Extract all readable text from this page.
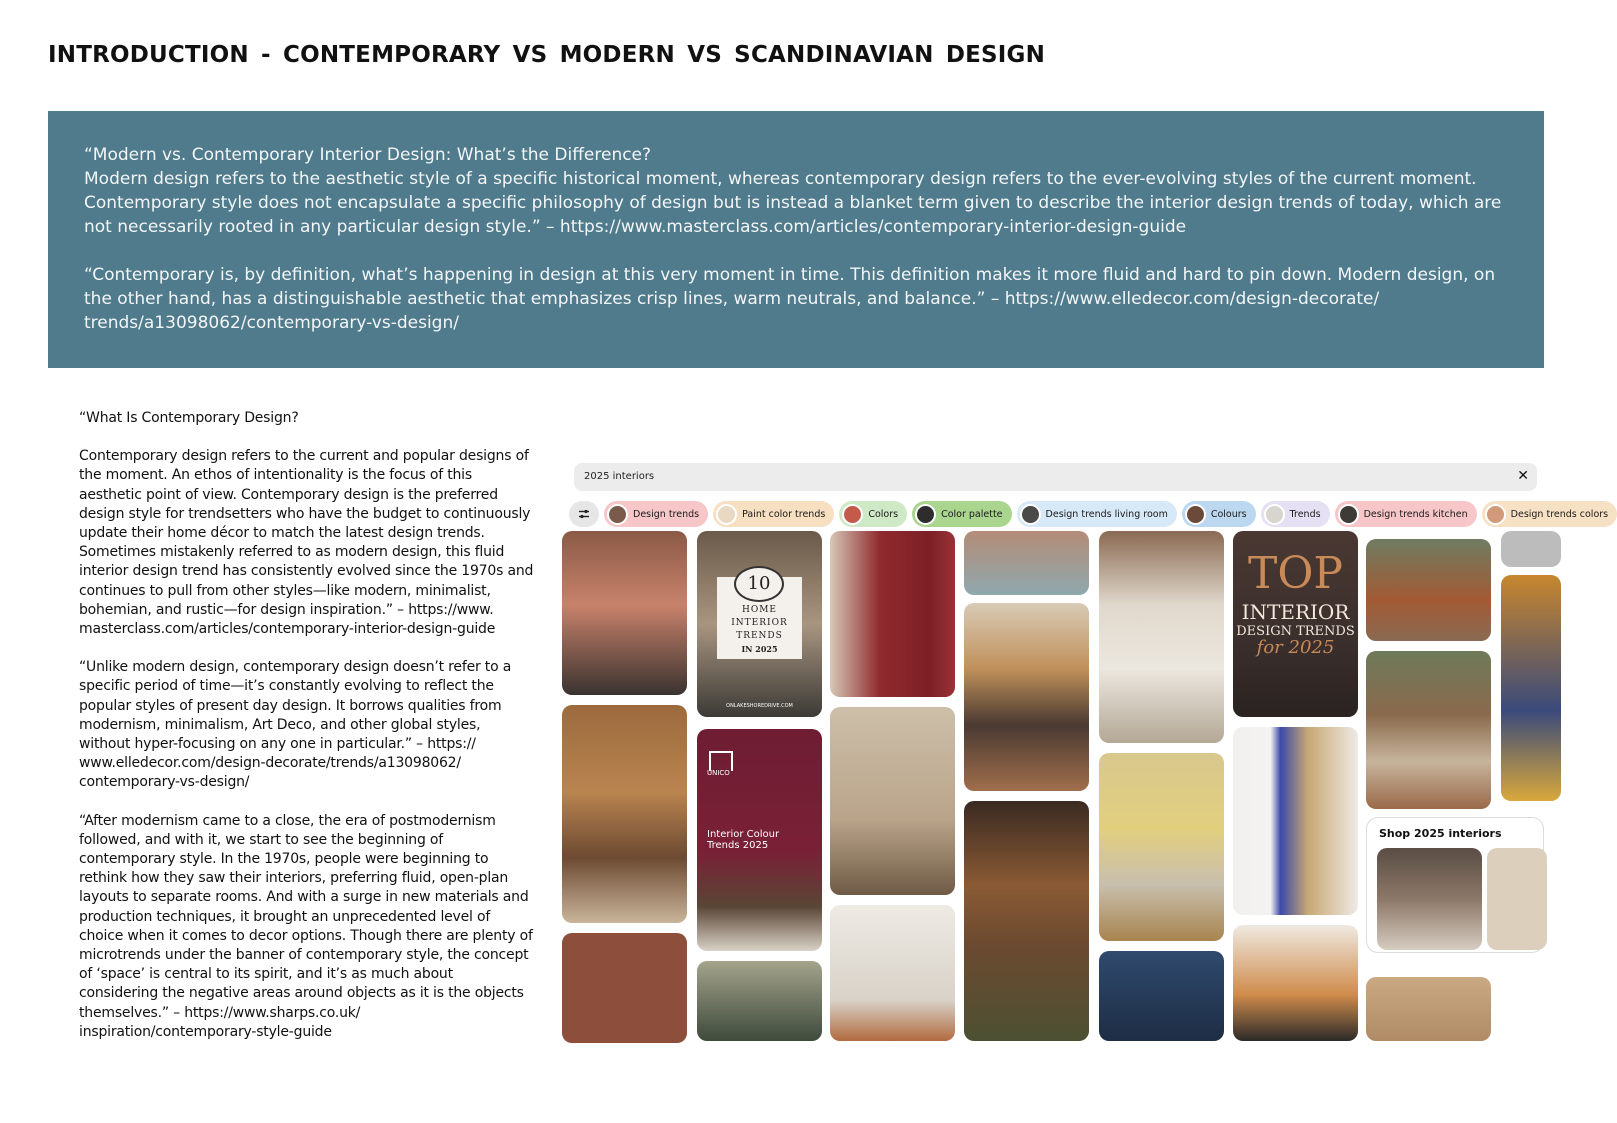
INTRODUCTION - CONTEMPORARY VS MODERN VS SCANDINAVIAN DESIGN

“Modern vs. Contemporary Interior Design: What’s the Difference?
Modern design refers to the aesthetic style of a specific historical moment, whereas contemporary design refers to the ever-evolving styles of the current moment. Contemporary style does not encapsulate a specific philosophy of design but is instead a blanket term given to describe the interior design trends of today, which are not necessarily rooted in any particular design style.” – https://www.masterclass.com/articles/contemporary-interior-design-guide

“Contemporary is, by definition, what’s happening in design at this very moment in time. This definition makes it more fluid and hard to pin down. Modern design, on the other hand, has a distinguishable aesthetic that emphasizes crisp lines, warm neutrals, and balance.” – https://www.elledecor.com/design-decorate/ trends/a13098062/contemporary-vs-design/

“What Is Contemporary Design?

Contemporary design refers to the current and popular designs of the moment. An ethos of intentionality is the focus of this aesthetic point of view. Contemporary design is the preferred design style for trendsetters who have the budget to continuously update their home décor to match the latest design trends.
Sometimes mistakenly referred to as modern design, this fluid interior design trend has consistently evolved since the 1970s and continues to pull from other styles—like modern, minimalist, bohemian, and rustic—for design inspiration.” – https://www. masterclass.com/articles/contemporary-interior-design-guide

“Unlike modern design, contemporary design doesn’t refer to a specific period of time—it’s constantly evolving to reflect the popular styles of present day design. It borrows qualities from modernism, minimalism, Art Deco, and other global styles, without hyper-focusing on any one in particular.” – https:// www.elledecor.com/design-decorate/trends/a13098062/ contemporary-vs-design/

“After modernism came to a close, the era of postmodernism followed, and with it, we start to see the beginning of contemporary style. In the 1970s, people were beginning to rethink how they saw their interiors, preferring fluid, open-plan layouts to separate rooms. And with a surge in new materials and production techniques, it brought an unprecedented level of choice when it comes to decor options. Though there are plenty of microtrends under the banner of contemporary style, the concept of ‘space’ is central to its spirit, and it’s as much about considering the negative areas around objects as it is the objects themselves.” – https://www.sharps.co.uk/ inspiration/contemporary-style-guide

2025 interiors	✕
Design trends	Paint color trends	Colors	Color palette	Design trends living room	Colours	Trends	Design trends kitchen	Design trends colors
10
HOME
INTERIOR
TRENDS
IN 2025
ONLAKESHOREDRIVE.COM
UNICO
Interior Colour Trends 2025
TOP
INTERIOR
DESIGN TRENDS
for 2025
Shop 2025 interiors
